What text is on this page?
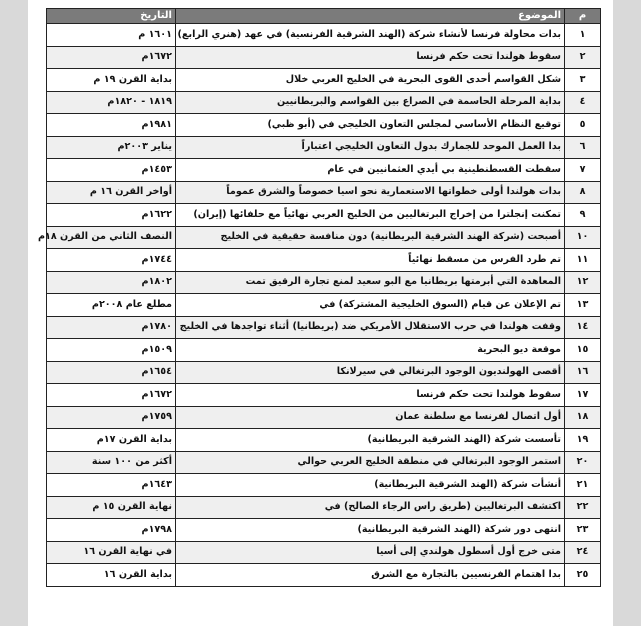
م	الموضوع	التاريخ
١	بدات محاولة فرنسا لأنشاء شركة (الهند الشرقية الفرنسية) في عهد (هنري الرابع)	١٦٠١ م
٢	سقوط هولندا تحت حكم فرنسا	١٦٧٢م
٣	شكل القواسم أحدى القوى البحرية في الخليج العربي خلال	بداية القرن ١٩ م
٤	بداية المرحلة الحاسمة في الصراع بين القواسم والبريطانيين	١٨١٩ - ١٨٢٠م
٥	توقيع النظام الأساسي لمجلس التعاون الخليجي في (أبو ظبي)	١٩٨١م
٦	بدا العمل الموحد للجمارك بدول التعاون الخليجي اعتباراً	يناير ٢٠٠٣م
٧	سقطت القسطنطينية بي أيدي العثمانيين في عام	١٤٥٣م
٨	بدات هولندا أولى خطواتها الاستعمارية نحو اسيا خصوصاً والشرق عموماً	أواخر القرن ١٦ م
٩	تمكنت إنجلترا من إخراج البرتغاليين من الخليج العربي نهائياً مع حلفائها (إيران)	١٦٢٢م
١٠	أصبحت (شركة الهند الشرقية البريطانية) دون منافسة حقيقية في الخليج	النصف الثاني من القرن ١٨م
١١	تم طرد الفرس من مسقط نهائياً	١٧٤٤م
١٢	المعاهدة التي أبرمتها بريطانيا مع البو سعيد لمنع تجارة الرقيق تمت	١٨٠٢م
١٣	تم الإعلان عن قيام (السوق الخليجية المشتركة) في	مطلع عام ٢٠٠٨م
١٤	وقفت هولندا في حرب الاستقلال الأمريكي ضد (بريطانيا) أثناء تواجدها في الخليج	١٧٨٠م
١٥	موقعة ديو البحرية	١٥٠٩م
١٦	أقصى الهولنديون الوجود البرتغالي في سيرلانكا	١٦٥٤م
١٧	سقوط هولندا تحت حكم فرنسا	١٦٧٢م
١٨	أول اتصال لفرنسا مع سلطنة عمان	١٧٥٩م
١٩	تأسست شركة (الهند الشرقية البريطانية)	بداية القرن ١٧م
٢٠	استمر الوجود البرتغالي في منطقة الخليج العربي حوالي	أكثر من ١٠٠ سنة
٢١	أنشأت شركة (الهند الشرقية البريطانية)	١٦٤٣م
٢٢	اكتشف البرتغاليين (طريق راس الرجاء الصالح) في	نهاية القرن ١٥ م
٢٣	انتهى دور شركة (الهند الشرقية البريطانية)	١٧٩٨م
٢٤	متى خرج أول أسطول هولندي إلى أسيا	في نهاية القرن ١٦
٢٥	بدا اهتمام الفرنسيين بالتجارة مع الشرق	بداية القرن ١٦
